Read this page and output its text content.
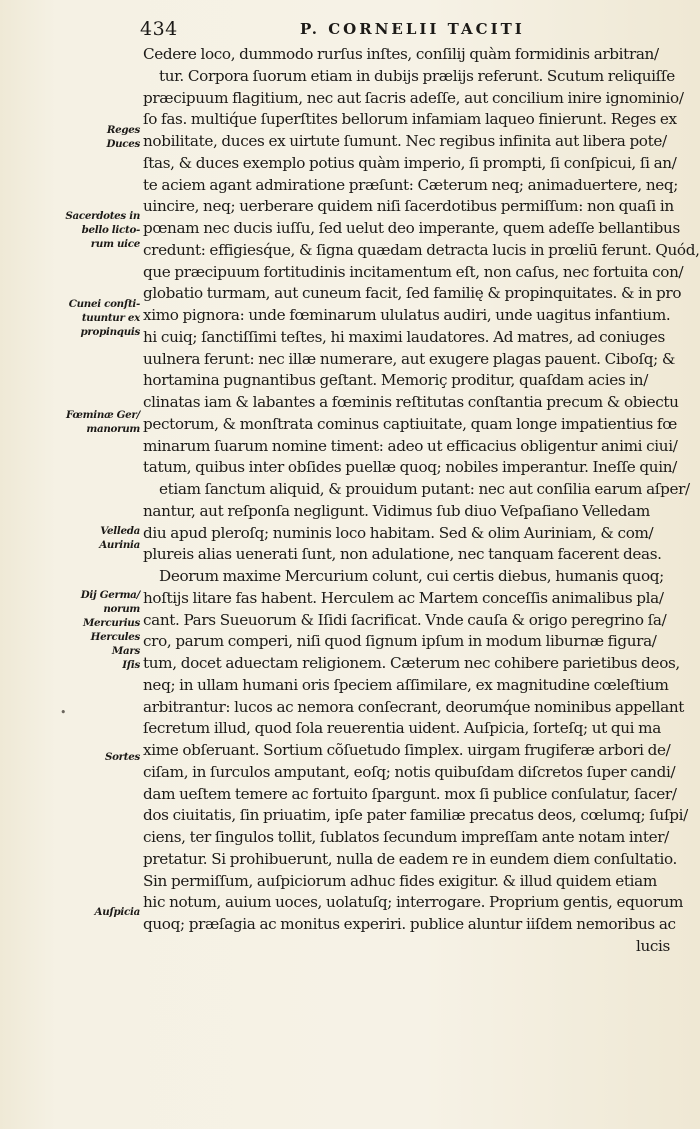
434	P. CORNELII TACITI
Cedere loco, dummodo rurſus inſtes, conſilij quàm formidinis arbitran/
tur. Corpora ſuorum etiam in dubijs prælijs referunt. Scutum reliquiſſe
præcipuum flagitium, nec aut ſacris adeſſe, aut concilium inire ignominio/
ſo fas. multiq́ue ſuperſtites bellorum infamiam laqueo finierunt. Reges ex
nobilitate, duces ex uirtute ſumunt. Nec regibus infinita aut libera pote/
ſtas, & duces exemplo potius quàm imperio, ſi prompti, ſi conſpicui, ſi an/
te aciem agant admiratione præſunt: Cæterum neq; animaduertere, neq;
uincire, neq; uerberare quidem niſi ſacerdotibus permiſſum: non quaſi in
pœnam nec ducis iuſſu, ſed uelut deo imperante, quem adeſſe bellantibus
credunt: effigiesq́ue, & ſigna quædam detracta lucis in prœliū ferunt. Quód,
que præcipuum fortitudinis incitamentum eſt, non caſus, nec fortuita con/
globatio turmam, aut cuneum facit, ſed familię & propinquitates. & in pro
ximo pignora: unde fœminarum ululatus audiri, unde uagitus infantium.
hi cuiq; ſanctiſſimi teſtes, hi maximi laudatores. Ad matres, ad coniuges
uulnera ferunt: nec illæ numerare, aut exugere plagas pauent. Ciboſq; &
hortamina pugnantibus geſtant. Memoriç proditur, quaſdam acies in/
clinatas iam & labantes a fœminis reſtitutas conſtantia precum & obiectu
pectorum, & monſtrata cominus captiuitate, quam longe impatientius fœ
minarum ſuarum nomine timent: adeo ut efficacius obligentur animi ciui/
tatum, quibus inter obſides puellæ quoq; nobiles imperantur. Ineſſe quin/
etiam ſanctum aliquid, & prouidum putant: nec aut conſilia earum aſper/
nantur, aut reſponſa negligunt. Vidimus ſub diuo Veſpaſiano Velledam
diu apud pleroſq; numinis loco habitam. Sed & olim Auriniam, & com/
plureis alias uenerati ſunt, non adulatione, nec tanquam facerent deas.
Deorum maxime Mercurium colunt, cui certis diebus, humanis quoq;
hoſtijs litare fas habent. Herculem ac Martem conceſſis animalibus pla/
cant. Pars Sueuorum & Iſidi ſacrificat. Vnde cauſa & origo peregrino ſa/
cro, parum comperi, niſi quod ſignum ipſum in modum liburnæ figura/
tum, docet aduectam religionem. Cæterum nec cohibere parietibus deos,
neq; in ullam humani oris ſpeciem aſſimilare, ex magnitudine cœleſtium
arbitrantur: lucos ac nemora conſecrant, deorumq́ue nominibus appellant
ſecretum illud, quod ſola reuerentia uident. Auſpicia, ſorteſq; ut qui ma
xime obſeruant. Sortium cõſuetudo ſimplex. uirgam frugiferæ arbori de/
ciſam, in ſurculos amputant, eoſq; notis quibuſdam diſcretos ſuper candi/
dam ueſtem temere ac fortuito ſpargunt. mox ſi publice conſulatur, ſacer/
dos ciuitatis, ſin priuatim, ipſe pater familiæ precatus deos, cœlumq; ſuſpi/
ciens, ter ſingulos tollit, ſublatos ſecundum impreſſam ante notam inter/
pretatur. Si prohibuerunt, nulla de eadem re in eundem diem conſultatio.
Sin permiſſum, auſpiciorum adhuc fides exigitur. & illud quidem etiam
hic notum, auium uoces, uolatuſq; interrogare. Proprium gentis, equorum
quoq; præſagia ac monitus experiri. publice aluntur iiſdem nemoribus ac
lucis
Reges
Duces
Sacerdotes in
bello licto-
rum uice
Cunei conſti-
tuuntur ex
propinquis
Fœminæ Ger/
manorum
Velleda
Aurinia
Dij Germa/
norum
Mercurius
Hercules
Mars
Iſis
•
Sortes
Auſpicia
